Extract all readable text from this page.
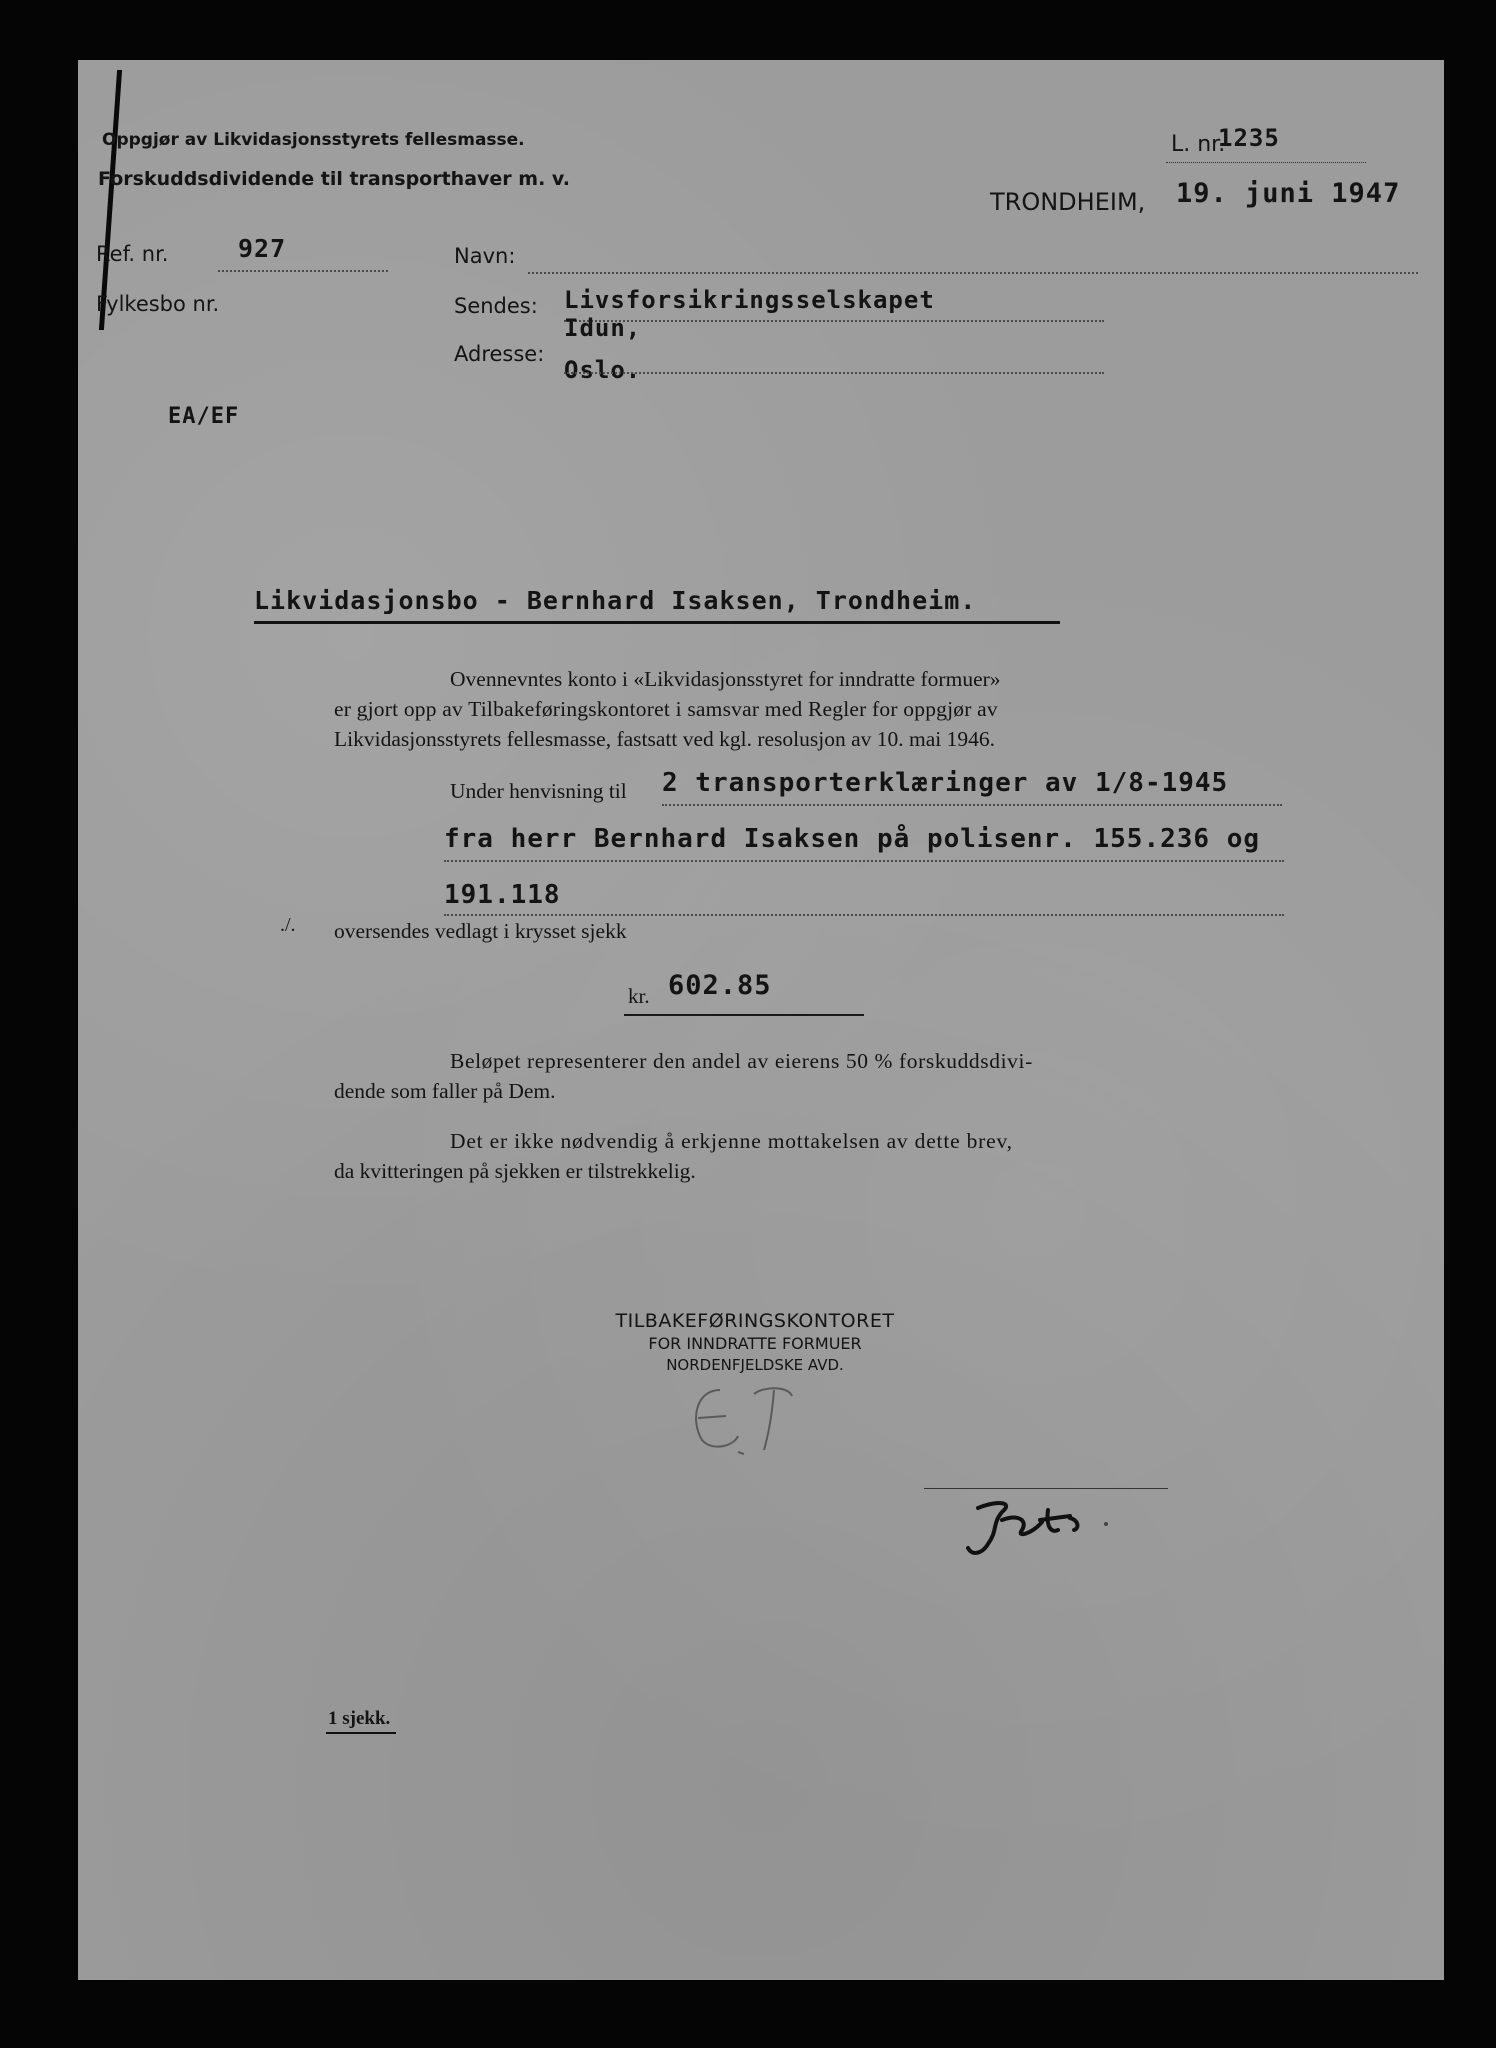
Oppgjør av Likvidasjonsstyrets fellesmasse.
Forskuddsdividende til transporthaver m. v.
L. nr.
1235
TRONDHEIM, 19. juni 1947
Ref. nr.	927
Fylkesbo nr.
Navn:
Sendes: Livsforsikringsselskapet
Idun,
Adresse:
Oslo.
EA/EF
Likvidasjonsbo - Bernhard Isaksen, Trondheim.
Ovennevntes konto i «Likvidasjonsstyret for inndratte formuer»
er gjort opp av Tilbakeføringskontoret i samsvar med Regler for oppgjør av
Likvidasjonsstyrets fellesmasse, fastsatt ved kgl. resolusjon av 10. mai 1946.
Under henvisning til 2 transporterklæringer av 1/8-1945
fra herr Bernhard Isaksen på polisenr. 155.236 og
191.118
./. oversendes vedlagt i krysset sjekk
kr. 602.85
Beløpet representerer den andel av eierens 50 % forskuddsdivi-
dende som faller på Dem.
Det er ikke nødvendig å erkjenne mottakelsen av dette brev,
da kvitteringen på sjekken er tilstrekkelig.
TILBAKEFØRINGSKONTORET
FOR INNDRATTE FORMUER
NORDENFJELDSKE AVD.
1 sjekk.
